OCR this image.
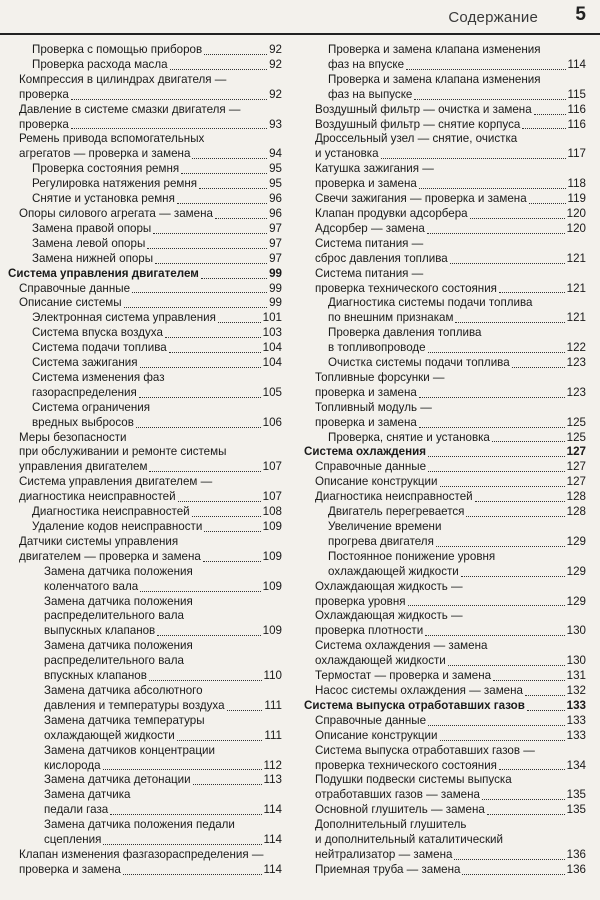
Содержание 5
Проверка с помощью приборов	92
Проверка расхода масла	92
Компрессия в цилиндрах двигателя —
проверка	92
Давление в системе смазки двигателя —
проверка	93
Ремень привода вспомогательных
агрегатов — проверка и замена	94
Проверка состояния ремня	95
Регулировка натяжения ремня	95
Снятие и установка ремня	96
Опоры силового агрегата — замена	96
Замена правой опоры	97
Замена левой опоры	97
Замена нижней опоры	97
Система управления двигателем	99
Справочные данные	99
Описание системы	99
Электронная система управления	101
Система впуска воздуха	103
Система подачи топлива	104
Система зажигания	104
Система изменения фаз
газораспределения	105
Система ограничения
вредных выбросов	106
Меры безопасности
при обслуживании и ремонте системы
управления двигателем	107
Система управления двигателем —
диагностика неисправностей	107
Диагностика неисправностей	108
Удаление кодов неисправности	109
Датчики системы управления
двигателем — проверка и замена	109
Замена датчика положения
коленчатого вала	109
Замена датчика положения
распределительного вала
выпускных клапанов	109
Замена датчика положения
распределительного вала
впускных клапанов	110
Замена датчика абсолютного
давления и температуры воздуха	111
Замена датчика температуры
охлаждающей жидкости	111
Замена датчиков концентрации
кислорода	112
Замена датчика детонации	113
Замена датчика
педали газа	114
Замена датчика положения педали
сцепления	114
Клапан изменения фазгазораспределения —
проверка и замена	114
Проверка и замена клапана изменения
фаз на впуске	114
Проверка и замена клапана изменения
фаз на выпуске	115
Воздушный фильтр — очистка и замена	116
Воздушный фильтр — снятие корпуса	116
Дроссельный узел — снятие, очистка
и установка	117
Катушка зажигания —
проверка и замена	118
Свечи зажигания — проверка и замена	119
Клапан продувки адсорбера	120
Адсорбер — замена	120
Система питания —
сброс давления топлива	121
Система питания —
проверка технического состояния	121
Диагностика системы подачи топлива
по внешним признакам	121
Проверка давления топлива
в топливопроводе	122
Очистка системы подачи топлива	123
Топливные форсунки —
проверка и замена	123
Топливный модуль —
проверка и замена	125
Проверка, снятие и установка	125
Система охлаждения	127
Справочные данные	127
Описание конструкции	127
Диагностика неисправностей	128
Двигатель перегревается	128
Увеличение времени
прогрева двигателя	129
Постоянное понижение уровня
охлаждающей жидкости	129
Охлаждающая жидкость —
проверка уровня	129
Охлаждающая жидкость —
проверка плотности	130
Система охлаждения — замена
охлаждающей жидкости	130
Термостат — проверка и замена	131
Насос системы охлаждения — замена	132
Система выпуска отработавших газов	133
Справочные данные	133
Описание конструкции	133
Система выпуска отработавших газов —
проверка технического состояния	134
Подушки подвески системы выпуска
отработавших газов — замена	135
Основной глушитель — замена	135
Дополнительный глушитель
и дополнительный каталитический
нейтрализатор — замена	136
Приемная труба — замена	136
